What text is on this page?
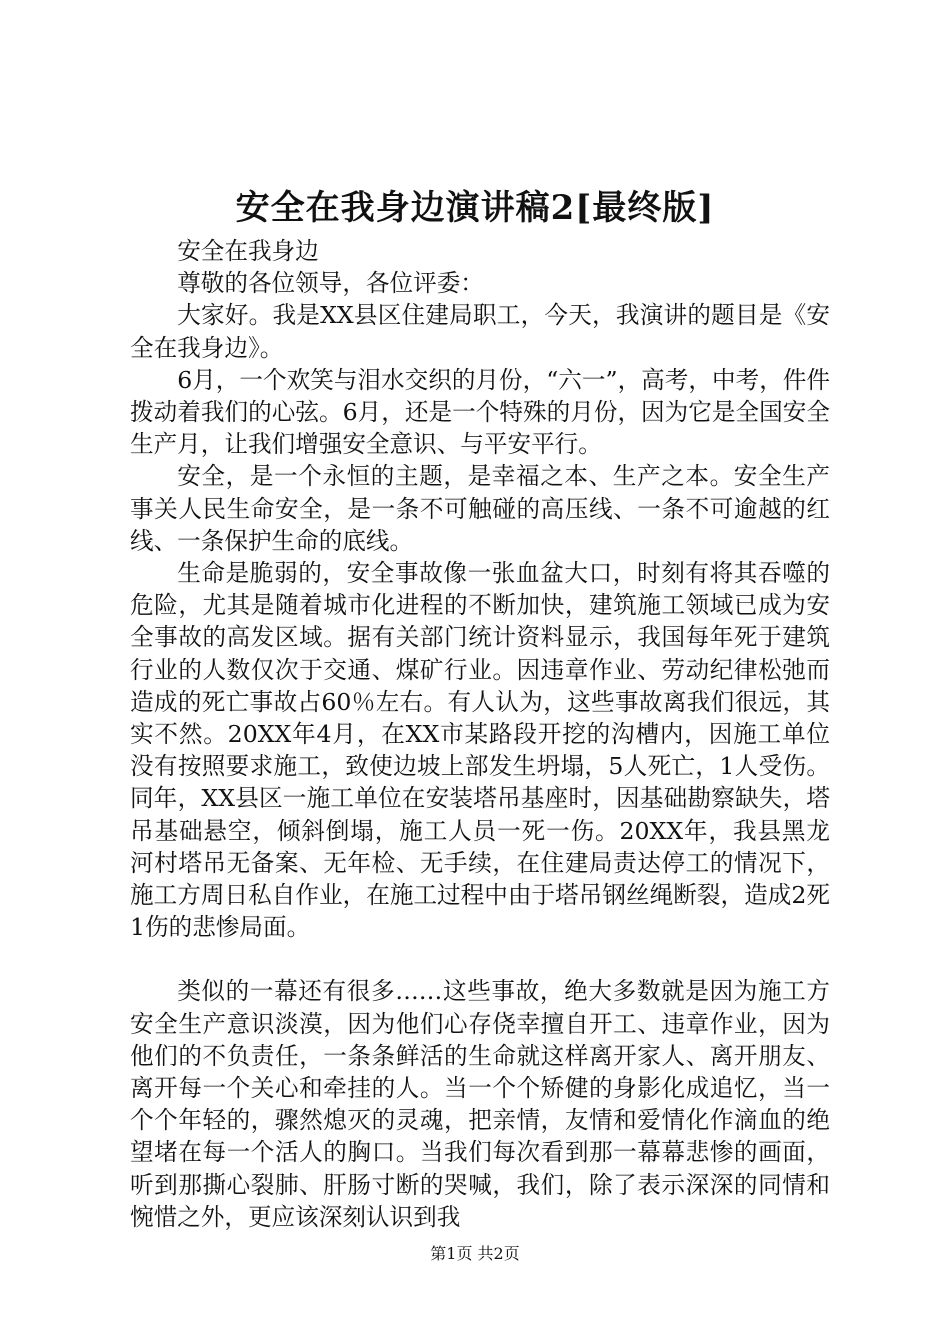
安全在我身边演讲稿2[最终版]

安全在我身边

尊敬的各位领导，各位评委：

大家好。我是XX县区住建局职工，今天，我演讲的题目是《安全在我身边》。

6月，一个欢笑与泪水交织的月份，“六一”，高考，中考，件件拨动着我们的心弦。6月，还是一个特殊的月份，因为它是全国安全生产月，让我们增强安全意识、与平安平行。

安全，是一个永恒的主题，是幸福之本、生产之本。安全生产事关人民生命安全，是一条不可触碰的高压线、一条不可逾越的红线、一条保护生命的底线。

生命是脆弱的，安全事故像一张血盆大口，时刻有将其吞噬的危险，尤其是随着城市化进程的不断加快，建筑施工领域已成为安全事故的高发区域。据有关部门统计资料显示，我国每年死于建筑行业的人数仅次于交通、煤矿行业。因违章作业、劳动纪律松弛而造成的死亡事故占60％左右。有人认为，这些事故离我们很远，其实不然。20XX年4月，在XX市某路段开挖的沟槽内，因施工单位没有按照要求施工，致使边坡上部发生坍塌，5人死亡，1人受伤。同年，XX县区一施工单位在安装塔吊基座时，因基础勘察缺失，塔吊基础悬空，倾斜倒塌，施工人员一死一伤。20XX年，我县黑龙河村塔吊无备案、无年检、无手续，在住建局责达停工的情况下，施工方周日私自作业，在施工过程中由于塔吊钢丝绳断裂，造成2死1伤的悲惨局面。

类似的一幕还有很多……这些事故，绝大多数就是因为施工方安全生产意识淡漠，因为他们心存侥幸擅自开工、违章作业，因为他们的不负责任，一条条鲜活的生命就这样离开家人、离开朋友、离开每一个关心和牵挂的人。当一个个矫健的身影化成追忆，当一个个年轻的，骤然熄灭的灵魂，把亲情，友情和爱情化作滴血的绝望堵在每一个活人的胸口。当我们每次看到那一幕幕悲惨的画面，听到那撕心裂肺、肝肠寸断的哭喊，我们，除了表示深深的同情和惋惜之外，更应该深刻认识到我

第1页 共2页
